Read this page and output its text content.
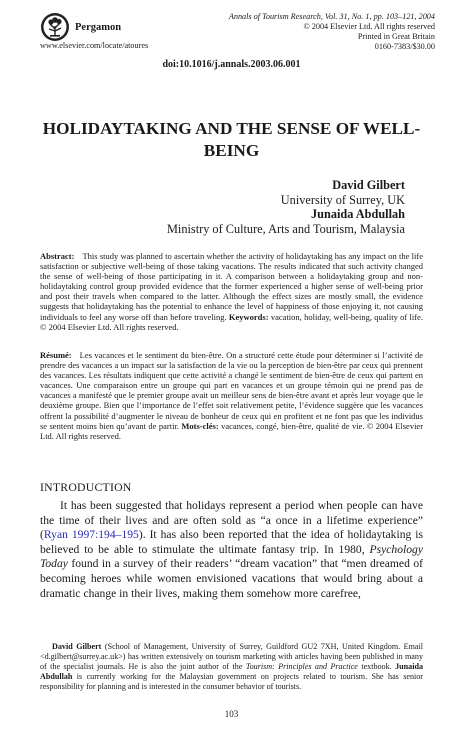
Pergamon
Annals of Tourism Research, Vol. 31, No. 1, pp. 103–121, 2004
© 2004 Elsevier Ltd. All rights reserved
Printed in Great Britain
0160-7383/$30.00
www.elsevier.com/locate/atoures
doi:10.1016/j.annals.2003.06.001
HOLIDAYTAKING AND THE SENSE OF WELL-BEING
David Gilbert
University of Surrey, UK
Junaida Abdullah
Ministry of Culture, Arts and Tourism, Malaysia
Abstract: This study was planned to ascertain whether the activity of holidaytaking has any impact on the life satisfaction or subjective well-being of those taking vacations. The results indicated that such activity changed the sense of well-being of those participating in it. A comparison between a holidaytaking group and non-holidaytaking control group provided evidence that the former experienced a higher sense of well-being prior and post their travels when compared to the latter. Although the effect sizes are mostly small, the evidence suggests that holidaytaking has the potential to enhance the level of happiness of those enjoying it, not causing individuals to feel any worse off than before traveling. Keywords: vacation, holiday, well-being, quality of life. © 2004 Elsevier Ltd. All rights reserved.
Résumé: Les vacances et le sentiment du bien-être. On a structuré cette étude pour déterminer si l’activité de prendre des vacances a un impact sur la satisfaction de la vie ou la perception de bien-être par ceux qui prennent des vacances. Les résultats indiquent que cette activité a changé le sentiment de bien-être de ceux qui partent en vacances. Une comparaison entre un groupe qui part en vacances et un groupe témoin qui ne prend pas de vacances a manifesté que le premier groupe avait un meilleur sens de bien-être avant et après leur voyage que le deuxième groupe. Bien que l’importance de l’effet soit relativement petite, l’évidence suggère que les vacances offrent la possibilité d’augmenter le niveau de bonheur de ceux qui en profitent et ne font pas que les individus se sentent moins bien qu’avant de partir. Mots-clés: vacances, congé, bien-être, qualité de vie. © 2004 Elsevier Ltd. All rights reserved.
INTRODUCTION
It has been suggested that holidays represent a period when people can have the time of their lives and are often sold as “a once in a lifetime experience” (Ryan 1997:194–195). It has also been reported that the idea of holidaytaking is believed to be able to stimulate the ultimate fantasy trip. In 1980, Psychology Today found in a survey of their readers’ “dream vacation” that “men dreamed of becoming heroes while women envisioned vacations that would bring about a dramatic change in their lives, making them somehow more carefree,
David Gilbert (School of Management, University of Surrey, Guildford GU2 7XH, United Kingdom. Email <d.gilbert@surrey.ac.uk>) has written extensively on tourism marketing with articles having been published in many of the specialist journals. He is also the joint author of the Tourism: Principles and Practice textbook. Junaida Abdullah is currently working for the Malaysian government on projects related to tourism. She has senior responsibility for planning and is interested in the consumer behavior of tourists.
103
